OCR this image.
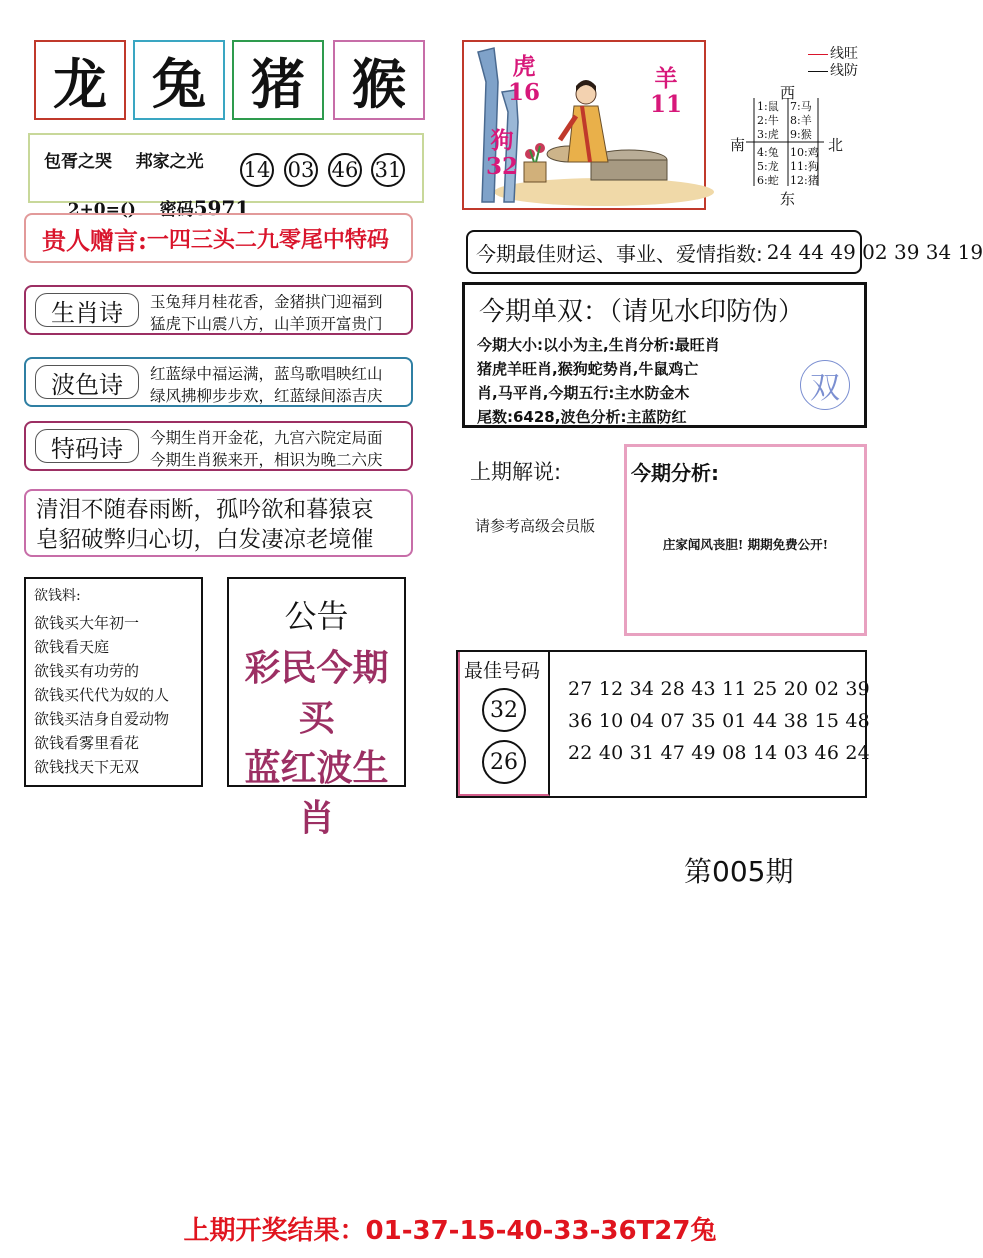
龙 兔 猪 猴
包胥之哭    邦家之光

2+0=()    密码5971

14 03 46 31
贵人赠言: 一四三头二九零尾中特码
生肖诗	玉兔拜月桂花香，金猪拱门迎福到
猛虎下山震八方，山羊顶开富贵门
波色诗	红蓝绿中福运满，蓝鸟歌唱映红山
绿风拂柳步步欢，红蓝绿间添吉庆
特码诗	今期生肖开金花，九宫六院定局面
今期生肖猴来开，相识为晚二六庆
清泪不随春雨断，孤吟欲和暮猿哀
皂貂破弊归心切，白发凄凉老境催
欲钱料:
欲钱买大年初一
欲钱看天庭
欲钱买有功劳的
欲钱买代代为奴的人
欲钱买洁身自爱动物
欲钱看雾里看花
欲钱找天下无双
公告
彩民今期买
蓝红波生肖
虎
16
羊
11
狗
32
线旺
线防
西
南	北
东
1:鼠
2:牛
3:虎
4:兔
5:龙
6:蛇
7:马
8:羊
9:猴
10:鸡
11:狗
12:猪
今期最佳财运、事业、爱情指数: 24 44 49 02 39 34 19
今期单双：（请见水印防伪）
今期大小:以小为主,生肖分析:最旺肖
猪虎羊旺肖,猴狗蛇势肖,牛鼠鸡亡
肖,马平肖,今期五行:主水防金木
尾数:6428,波色分析:主蓝防红
双
上期解说:
请参考高级会员版
今期分析:
庄家闻风丧胆! 期期免费公开!
最佳号码
32
26
27 12 34 28 43 11 25 20 02 39
36 10 04 07 35 01 44 38 15 48
22 40 31 47 49 08 14 03 46 24
第005期
上期开奖结果：01-37-15-40-33-36T27兔
